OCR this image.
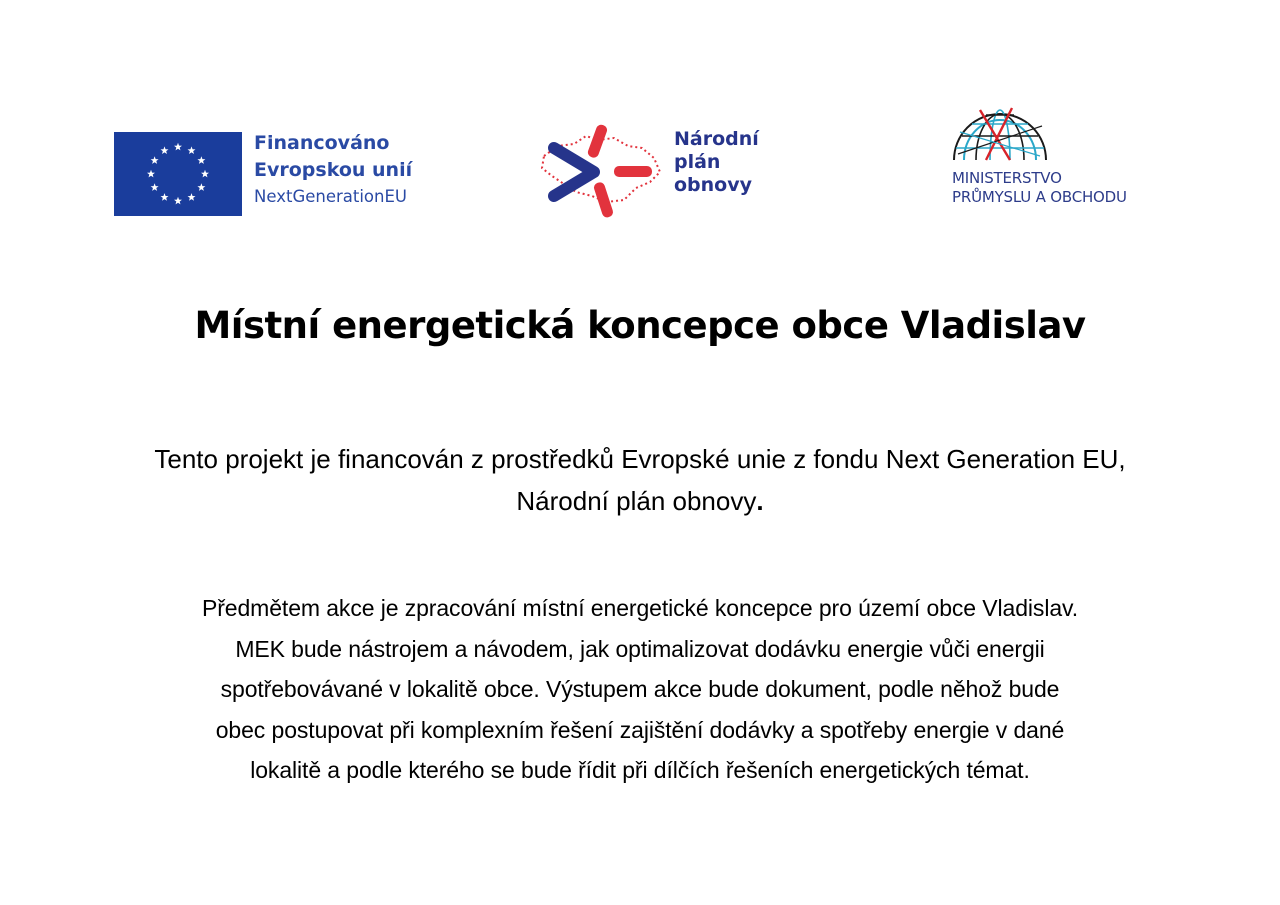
Financováno
Evropskou unií
NextGenerationEU
Národní
plán
obnovy	MINISTERSTVO
PRŮMYSLU A OBCHODU
Místní energetická koncepce obce Vladislav
Tento projekt je financován z prostředků Evropské unie z fondu Next Generation EU, Národní plán obnovy.
Předmětem akce je zpracování místní energetické koncepce pro území obce Vladislav.
MEK bude nástrojem a návodem, jak optimalizovat dodávku energie vůči energii
spotřebovávané v lokalitě obce. Výstupem akce bude dokument, podle něhož bude
obec postupovat při komplexním řešení zajištění dodávky a spotřeby energie v dané
lokalitě a podle kterého se bude řídit při dílčích řešeních energetických témat.
